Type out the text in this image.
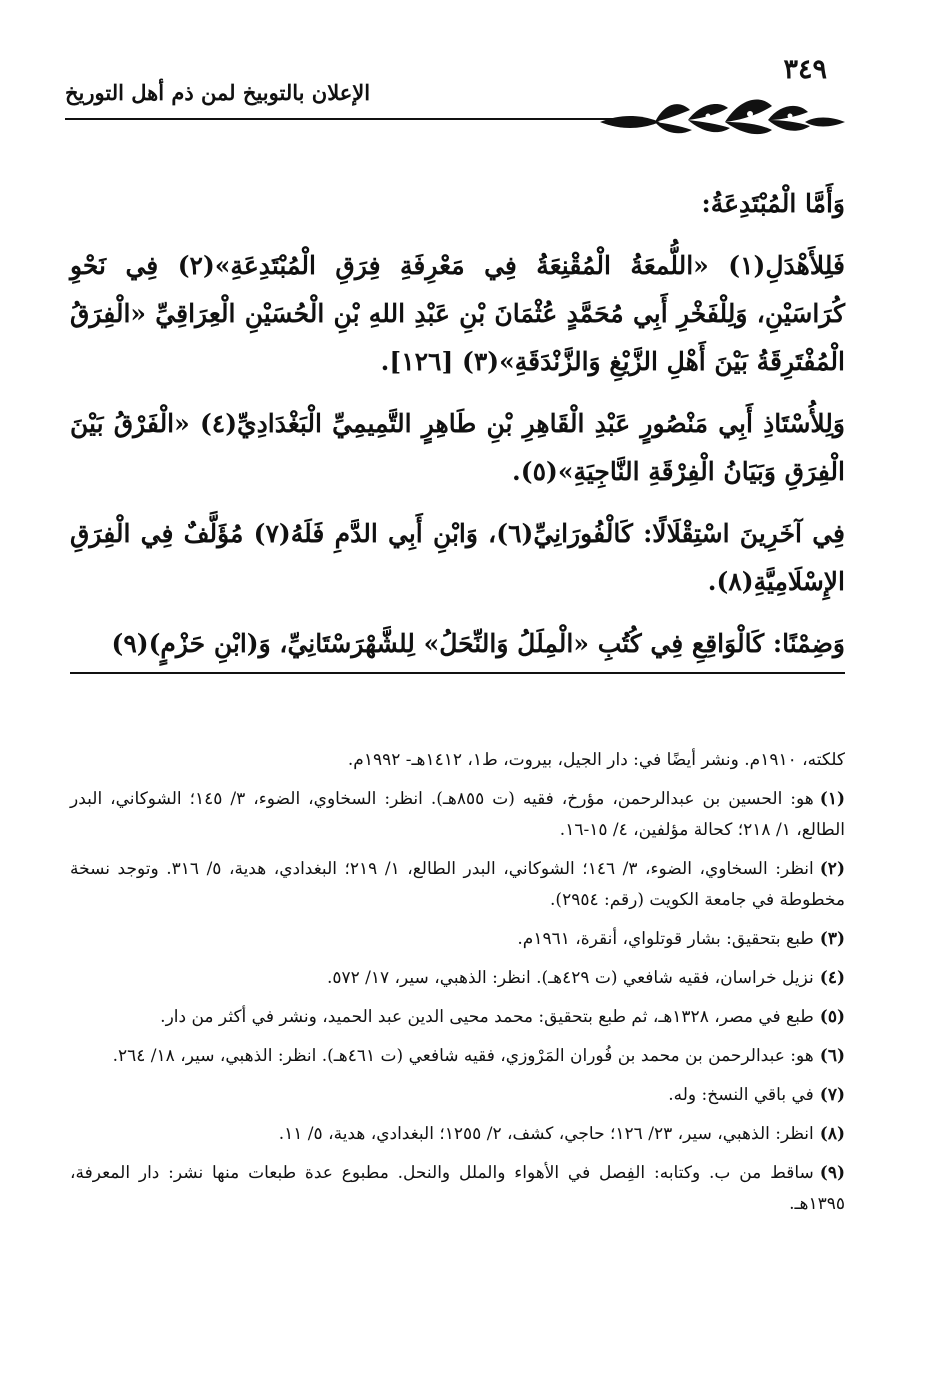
٣٤٩
الإعلان بالتوبيخ لمن ذم أهل التوريخ

وَأَمَّا الْمُبْتَدِعَةُ:

فَلِلأَهْدَلِ(١) «اللُّمعَةُ الْمُقْنِعَةُ فِي مَعْرِفَةِ فِرَقِ الْمُبْتَدِعَةِ»(٢) فِي نَحْوِ كُرَاسَيْنِ، وَلِلْفَخْرِ أَبِي مُحَمَّدٍ عُثْمَانَ بْنِ عَبْدِ اللهِ بْنِ الْحُسَيْنِ الْعِرَاقِيِّ «الْفِرَقُ الْمُفْتَرِقَةُ بَيْنَ أَهْلِ الزَّيْغِ وَالزَّنْدَقَةِ»(٣) [١٢٦].

وَلِلأُسْتَاذِ أَبِي مَنْصُورٍ عَبْدِ الْقَاهِرِ بْنِ طَاهِرٍ التَّمِيمِيِّ الْبَغْدَادِيِّ(٤) «الْفَرْقُ بَيْنَ الْفِرَقِ وَبَيَانُ الْفِرْقَةِ النَّاجِيَةِ»(٥).

فِي آخَرِينَ اسْتِقْلَالًا: كَالْفُورَانِيِّ(٦)، وَابْنِ أَبِي الدَّمِ فَلَهُ(٧) مُؤَلَّفٌ فِي الْفِرَقِ الإِسْلَامِيَّةِ(٨).

وَضِمْنًا: كَالْوَاقِعِ فِي كُتُبِ «الْمِلَلُ وَالنِّحَلُ» لِلشَّهْرَسْتَانِيِّ، وَ(ابْنِ حَزْمٍ)(٩)

كلكته، ١٩١٠م. ونشر أيضًا في: دار الجيل، بيروت، ط١، ١٤١٢هـ- ١٩٩٢م.

(١)هو: الحسين بن عبدالرحمن، مؤرخ، فقيه (ت ٨٥٥هـ). انظر: السخاوي، الضوء، ٣/ ١٤٥؛ الشوكاني، البدر الطالع، ١/ ٢١٨؛ كحالة مؤلفين، ٤/ ١٥-١٦.

(٢)انظر: السخاوي، الضوء، ٣/ ١٤٦؛ الشوكاني، البدر الطالع، ١/ ٢١٩؛ البغدادي، هدية، ٥/ ٣١٦. وتوجد نسخة مخطوطة في جامعة الكويت (رقم: ٢٩٥٤).

(٣)طبع بتحقيق: بشار قوتلواي، أنقرة، ١٩٦١م.

(٤)نزيل خراسان، فقيه شافعي (ت ٤٢٩هـ). انظر: الذهبي، سير، ١٧/ ٥٧٢.

(٥)طبع في مصر، ١٣٢٨هـ، ثم طبع بتحقيق: محمد محيى الدين عبد الحميد، ونشر في أكثر من دار.

(٦)هو: عبدالرحمن بن محمد بن فُوران المَرْوزي، فقيه شافعي (ت ٤٦١هـ). انظر: الذهبي، سير، ١٨/ ٢٦٤.

(٧)في باقي النسخ: وله.

(٨)انظر: الذهبي، سير، ٢٣/ ١٢٦؛ حاجي، كشف، ٢/ ١٢٥٥؛ البغدادي، هدية، ٥/ ١١.

(٩)ساقط من ب. وكتابه: الفِصل في الأهواء والملل والنحل. مطبوع عدة طبعات منها نشر: دار المعرفة، ١٣٩٥هـ.
